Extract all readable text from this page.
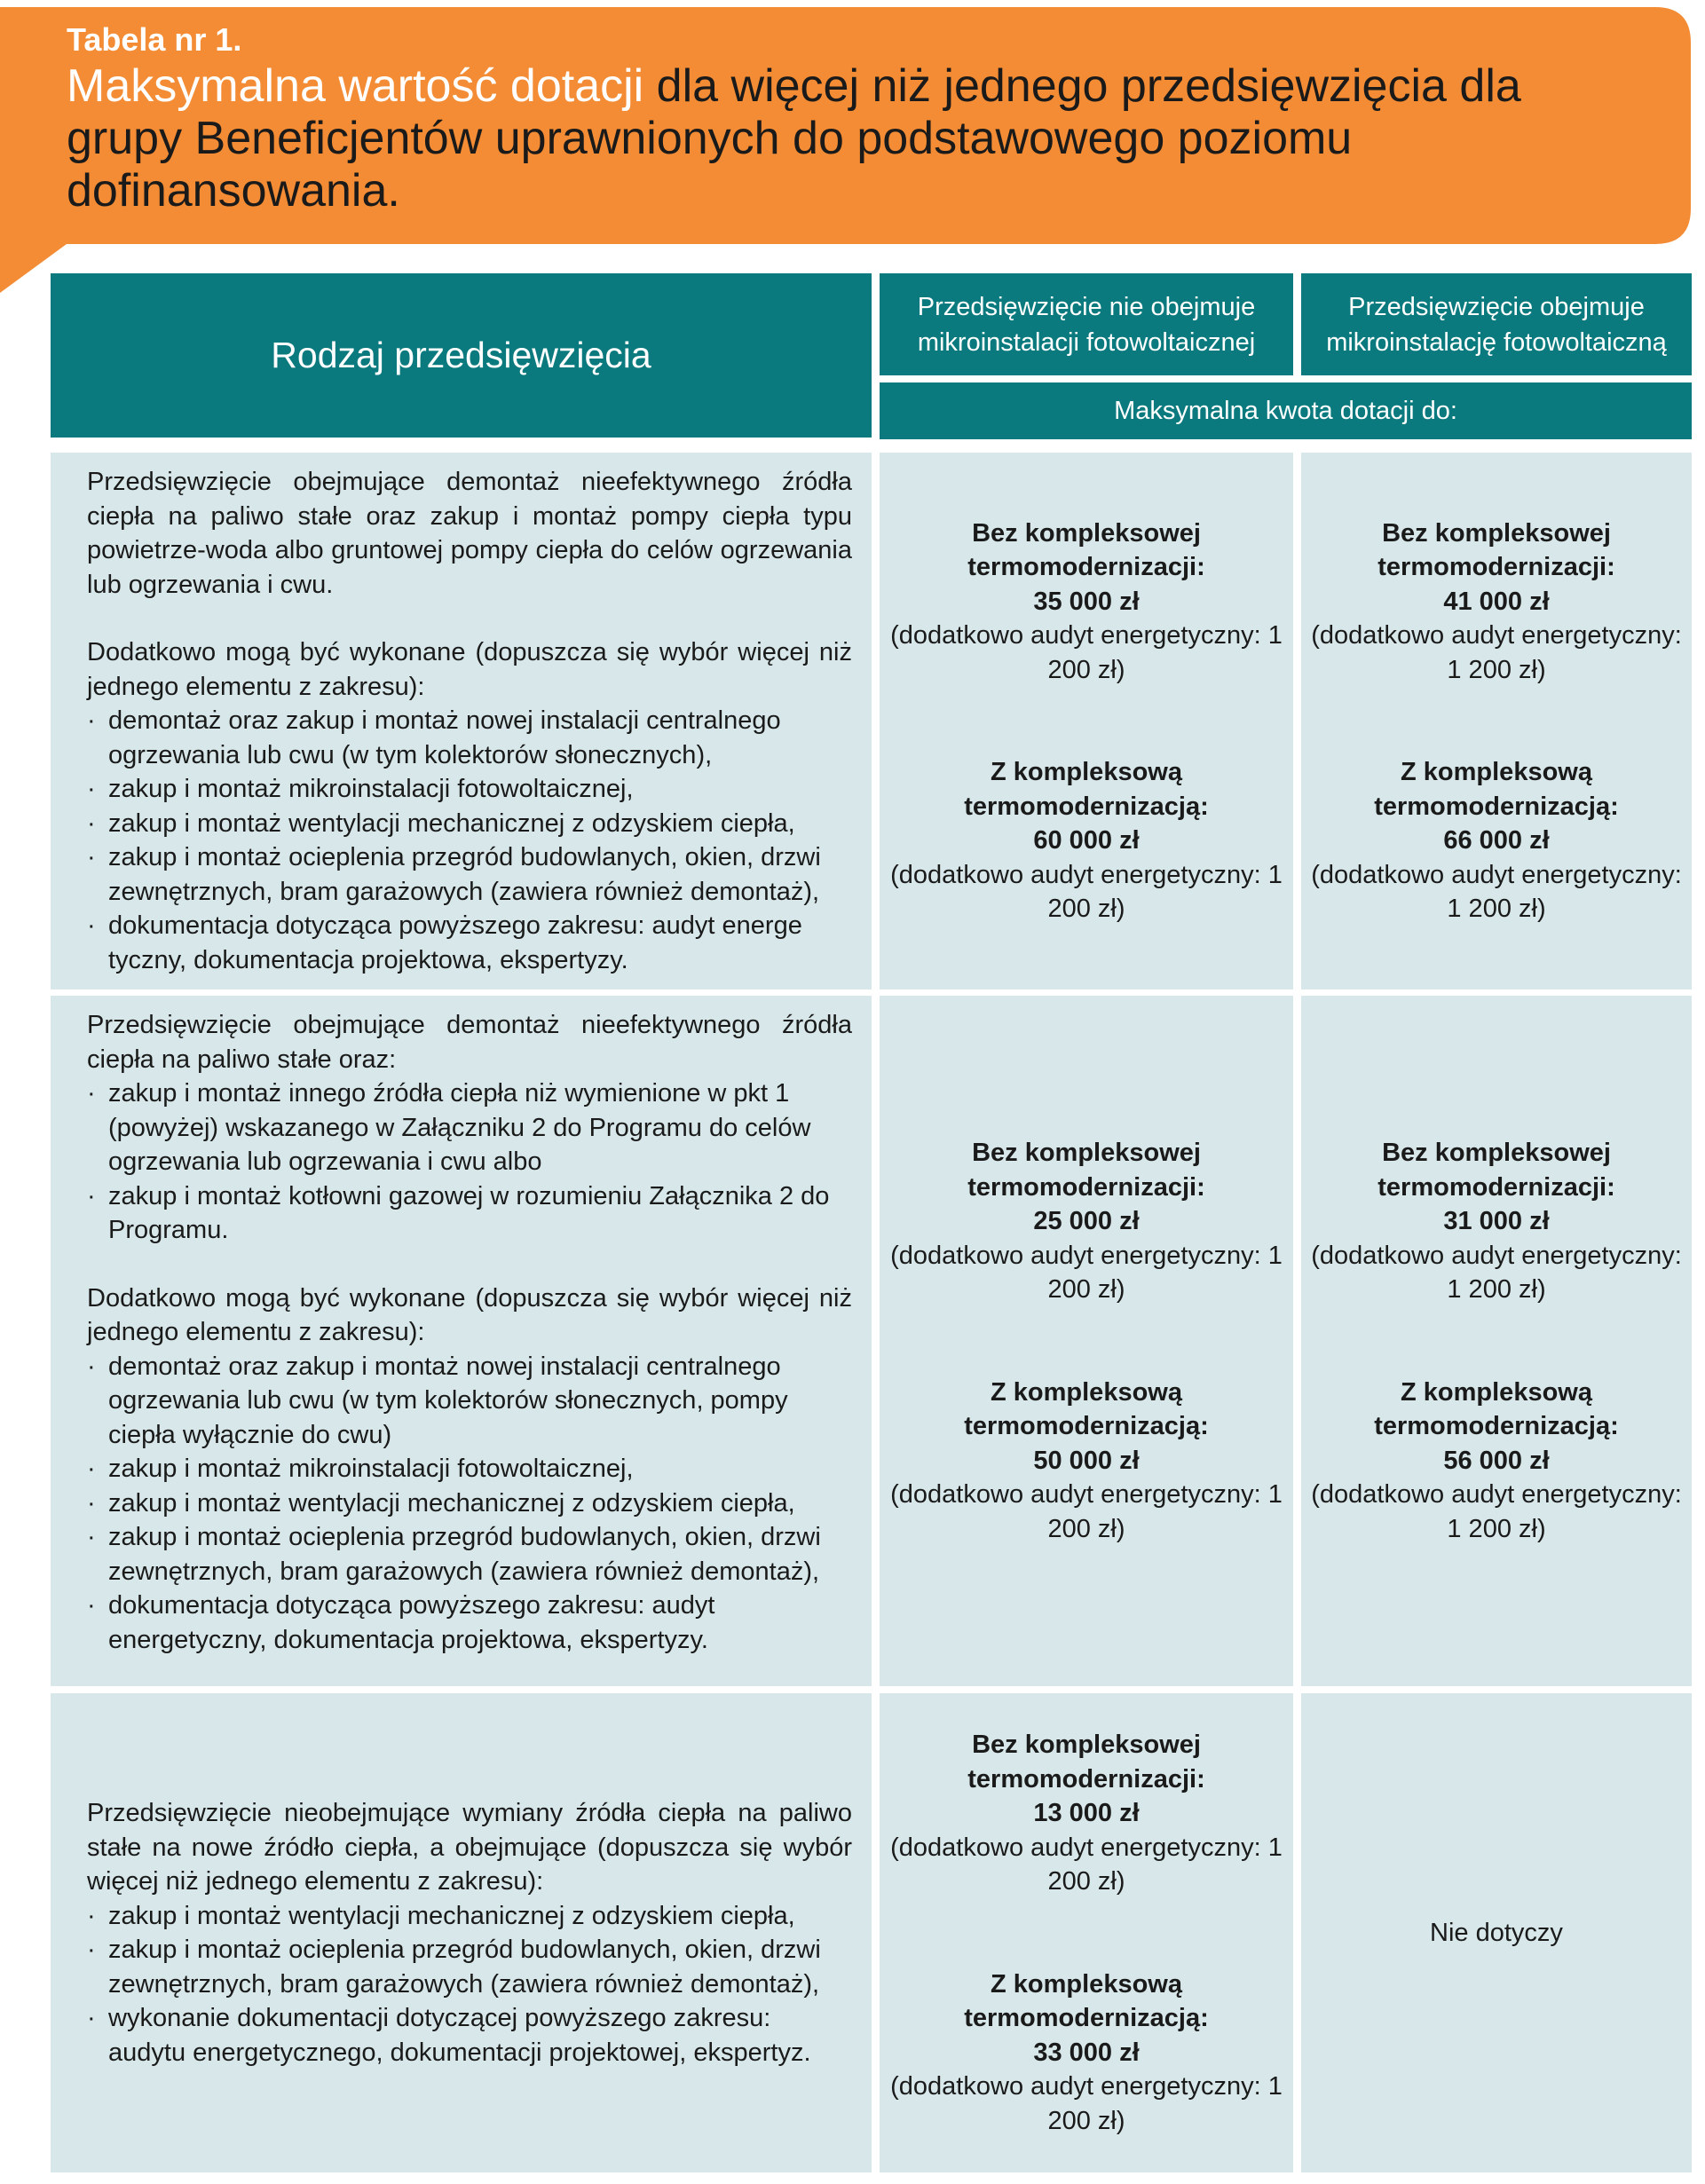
Tabela nr 1.
Maksymalna wartość dotacji dla więcej niż jednego przedsięwzięcia dla grupy Beneficjentów uprawnionych do podstawowego poziomu dofinansowania.
Rodzaj przedsięwzięcia
Przedsięwzięcie nie obejmuje mikroinstalacji fotowoltaicznej
Przedsięwzięcie obejmuje mikroinstalację fotowoltaiczną
Maksymalna kwota dotacji do:

Przedsięwzięcie obejmujące demontaż nieefektywnego źródła ciepła na paliwo stałe oraz zakup i montaż pompy ciepła typu powietrze-woda albo gruntowej pompy ciepła do celów ogrzewania lub ogrzewania i cwu.

Dodatkowo mogą być wykonane (dopuszcza się wybór więcej niż jednego elementu z zakresu):

· demontaż oraz zakup i montaż nowej instalacji centralnego ogrzewania lub cwu (w tym kolektorów słonecznych),
· zakup i montaż mikroinstalacji fotowoltaicznej,
· zakup i montaż wentylacji mechanicznej z odzyskiem ciepła,
· zakup i montaż ocieplenia przegród budowlanych, okien, drzwi zewnętrznych, bram garażowych (zawiera również demontaż),
· dokumentacja dotycząca powyższego zakresu: audyt energe tyczny, dokumentacja projektowa, ekspertyzy.
Bez kompleksowej termomodernizacji:
35 000 zł
(dodatkowo audyt energetyczny: 1 200 zł)
Z kompleksową termomodernizacją:
60 000 zł
(dodatkowo audyt energetyczny: 1 200 zł)
Bez kompleksowej termomodernizacji:
41 000 zł
(dodatkowo audyt energetyczny: 1 200 zł)
Z kompleksową termomodernizacją:
66 000 zł
(dodatkowo audyt energetyczny: 1 200 zł)

Przedsięwzięcie obejmujące demontaż nieefektywnego źródła ciepła na paliwo stałe oraz:

· zakup i montaż innego źródła ciepła niż wymienione w pkt 1 (powyżej) wskazanego w Załączniku 2 do Programu do celów ogrzewania lub ogrzewania i cwu albo
· zakup i montaż kotłowni gazowej w rozumieniu Załącznika 2 do Programu.

Dodatkowo mogą być wykonane (dopuszcza się wybór więcej niż jednego elementu z zakresu):

· demontaż oraz zakup i montaż nowej instalacji centralnego ogrzewania lub cwu (w tym kolektorów słonecznych, pompy ciepła wyłącznie do cwu)
· zakup i montaż mikroinstalacji fotowoltaicznej,
· zakup i montaż wentylacji mechanicznej z odzyskiem ciepła,
· zakup i montaż ocieplenia przegród budowlanych, okien, drzwi zewnętrznych, bram garażowych (zawiera również demontaż),
· dokumentacja dotycząca powyższego zakresu: audyt energetyczny, dokumentacja projektowa, ekspertyzy.
Bez kompleksowej termomodernizacji:
25 000 zł
(dodatkowo audyt energetyczny: 1 200 zł)
Z kompleksową termomodernizacją:
50 000 zł
(dodatkowo audyt energetyczny: 1 200 zł)
Bez kompleksowej termomodernizacji:
31 000 zł
(dodatkowo audyt energetyczny: 1 200 zł)
Z kompleksową termomodernizacją:
56 000 zł
(dodatkowo audyt energetyczny: 1 200 zł)

Przedsięwzięcie nieobejmujące wymiany źródła ciepła na paliwo stałe na nowe źródło ciepła, a obejmujące (dopuszcza się wybór więcej niż jednego elementu z zakresu):

· zakup i montaż wentylacji mechanicznej z odzyskiem ciepła,
· zakup i montaż ocieplenia przegród budowlanych, okien, drzwi zewnętrznych, bram garażowych (zawiera również demontaż),
· wykonanie dokumentacji dotyczącej powyższego zakresu: audytu energetycznego, dokumentacji projektowej, ekspertyz.
Bez kompleksowej termomodernizacji:
13 000 zł
(dodatkowo audyt energetyczny: 1 200 zł)
Z kompleksową termomodernizacją:
33 000 zł
(dodatkowo audyt energetyczny: 1 200 zł)
Nie dotyczy
